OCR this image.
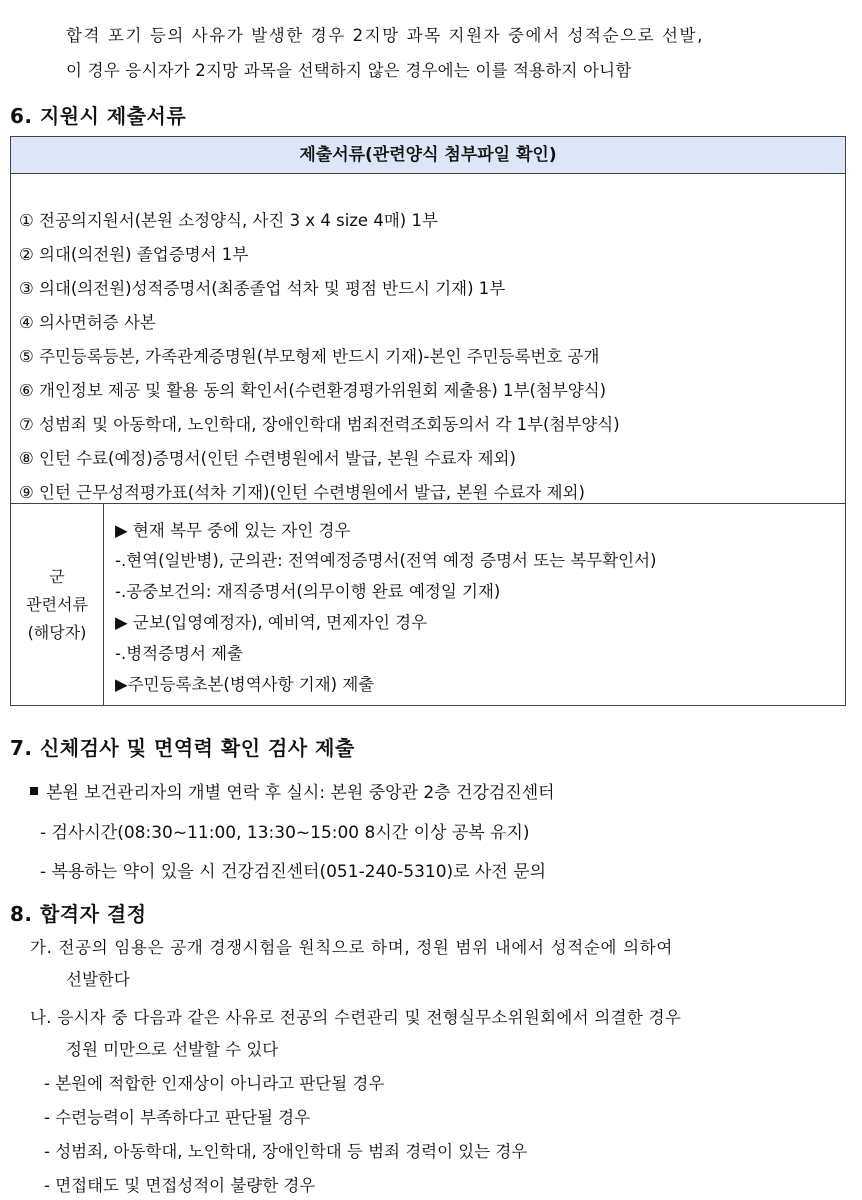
합격 포기 등의 사유가 발생한 경우 2지망 과목 지원자 중에서 성적순으로 선발,
이 경우 응시자가 2지망 과목을 선택하지 않은 경우에는 이를 적용하지 아니함
6. 지원시 제출서류
제출서류(관련양식 첨부파일 확인)
① 전공의지원서(본원 소정양식, 사진 3 x 4 size 4매) 1부
② 의대(의전원) 졸업증명서 1부
③ 의대(의전원)성적증명서(최종졸업 석차 및 평점 반드시 기재) 1부
④ 의사면허증 사본
⑤ 주민등록등본, 가족관계증명원(부모형제 반드시 기재)-본인 주민등록번호 공개
⑥ 개인정보 제공 및 활용 동의 확인서(수련환경평가위원회 제출용) 1부(첨부양식)
⑦ 성범죄 및 아동학대, 노인학대, 장애인학대 범죄전력조회동의서 각 1부(첨부양식)
⑧ 인턴 수료(예정)증명서(인턴 수련병원에서 발급, 본원 수료자 제외)
⑨ 인턴 근무성적평가표(석차 기재)(인턴 수련병원에서 발급, 본원 수료자 제외)
군
관련서류
(해당자)
▶ 현재 복무 중에 있는 자인 경우
-.현역(일반병), 군의관: 전역예정증명서(전역 예정 증명서 또는 복무확인서)
-.공중보건의: 재직증명서(의무이행 완료 예정일 기재)
▶ 군보(입영예정자), 예비역, 면제자인 경우
-.병적증명서 제출
▶주민등록초본(병역사항 기재) 제출
7. 신체검사 및 면역력 확인 검사 제출
본원 보건관리자의 개별 연락 후 실시: 본원 중앙관 2층 건강검진센터
- 검사시간(08:30~11:00, 13:30~15:00 8시간 이상 공복 유지)
- 복용하는 약이 있을 시 건강검진센터(051-240-5310)로 사전 문의
8. 합격자 결정
가. 전공의 임용은 공개 경쟁시험을 원칙으로 하며, 정원 범위 내에서 성적순에 의하여
선발한다
나. 응시자 중 다음과 같은 사유로 전공의 수련관리 및 전형실무소위원회에서 의결한 경우
정원 미만으로 선발할 수 있다
- 본원에 적합한 인재상이 아니라고 판단될 경우
- 수련능력이 부족하다고 판단될 경우
- 성범죄, 아동학대, 노인학대, 장애인학대 등 범죄 경력이 있는 경우
- 면접태도 및 면접성적이 불량한 경우
